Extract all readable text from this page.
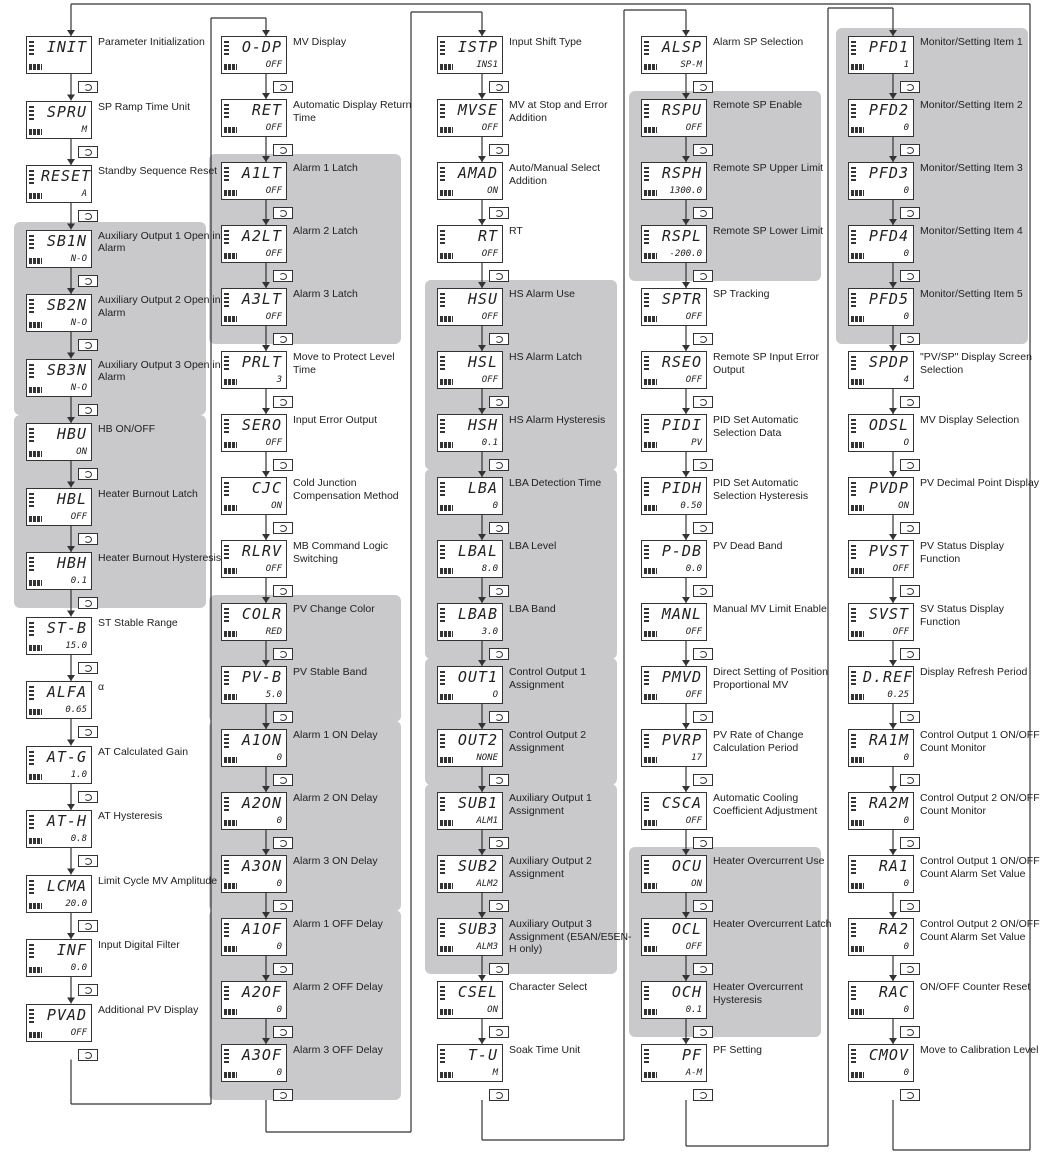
INIT Parameter Initialization
SPRU
M
SP Ramp Time Unit
RESET
A
Standby Sequence Reset
SB1N
N-O
Auxiliary Output 1 Open in Alarm
SB2N
N-O
Auxiliary Output 2 Open in Alarm
SB3N
N-O
Auxiliary Output 3 Open in Alarm
HBU
ON
HB ON/OFF
HBL
OFF
Heater Burnout Latch
HBH
0.1
Heater Burnout Hysteresis
ST-B
15.0
ST Stable Range
ALFA
0.65
α
AT-G
1.0
AT Calculated Gain
AT-H
0.8
AT Hysteresis
LCMA
20.0
Limit Cycle MV Amplitude
INF
0.0
Input Digital Filter
PVAD
OFF
Additional PV Display
O-DP
OFF
MV Display
RET
OFF
Automatic Display Return Time
A1LT
OFF
Alarm 1 Latch
A2LT
OFF
Alarm 2 Latch
A3LT
OFF
Alarm 3 Latch
PRLT
3
Move to Protect Level Time
SERO
OFF
Input Error Output
CJC
ON
Cold Junction Compensation Method
RLRV
OFF
MB Command Logic Switching
COLR
RED
PV Change Color
PV-B
5.0
PV Stable Band
A1ON
0
Alarm 1 ON Delay
A2ON
0
Alarm 2 ON Delay
A3ON
0
Alarm 3 ON Delay
A1OF
0
Alarm 1 OFF Delay
A2OF
0
Alarm 2 OFF Delay
A3OF
0
Alarm 3 OFF Delay
ISTP
INS1
Input Shift Type
MVSE
OFF
MV at Stop and Error Addition
AMAD
ON
Auto/Manual Select Addition
RT
OFF
RT
HSU
OFF
HS Alarm Use
HSL
OFF
HS Alarm Latch
HSH
0.1
HS Alarm Hysteresis
LBA
0
LBA Detection Time
LBAL
8.0
LBA Level
LBAB
3.0
LBA Band
OUT1
O
Control Output 1 Assignment
OUT2
NONE
Control Output 2 Assignment
SUB1
ALM1
Auxiliary Output 1 Assignment
SUB2
ALM2
Auxiliary Output 2 Assignment
SUB3
ALM3
Auxiliary Output 3 Assignment (E5AN/E5EN-H only)
CSEL
ON
Character Select
T-U
M
Soak Time Unit
ALSP
SP-M
Alarm SP Selection
RSPU
OFF
Remote SP Enable
RSPH
1300.0
Remote SP Upper Limit
RSPL
-200.0
Remote SP Lower Limit
SPTR
OFF
SP Tracking
RSEO
OFF
Remote SP Input Error Output
PIDI
PV
PID Set Automatic Selection Data
PIDH
0.50
PID Set Automatic Selection Hysteresis
P-DB
0.0
PV Dead Band
MANL
OFF
Manual MV Limit Enable
PMVD
OFF
Direct Setting of Position Proportional MV
PVRP
17
PV Rate of Change Calculation Period
CSCA
OFF
Automatic Cooling Coefficient Adjustment
OCU
ON
Heater Overcurrent Use
OCL
OFF
Heater Overcurrent Latch
OCH
0.1
Heater Overcurrent Hysteresis
PF
A-M
PF Setting
PFD1
1
Monitor/Setting Item 1
PFD2
0
Monitor/Setting Item 2
PFD3
0
Monitor/Setting Item 3
PFD4
0
Monitor/Setting Item 4
PFD5
0
Monitor/Setting Item 5
SPDP
4
"PV/SP" Display Screen Selection
ODSL
O
MV Display Selection
PVDP
ON
PV Decimal Point Display
PVST
OFF
PV Status Display Function
SVST
OFF
SV Status Display Function
D.REF
0.25
Display Refresh Period
RA1M
0
Control Output 1 ON/OFF Count Monitor
RA2M
0
Control Output 2 ON/OFF Count Monitor
RA1
0
Control Output 1 ON/OFF Count Alarm Set Value
RA2
0
Control Output 2 ON/OFF Count Alarm Set Value
RAC
0
ON/OFF Counter Reset
CMOV
0
Move to Calibration Level
